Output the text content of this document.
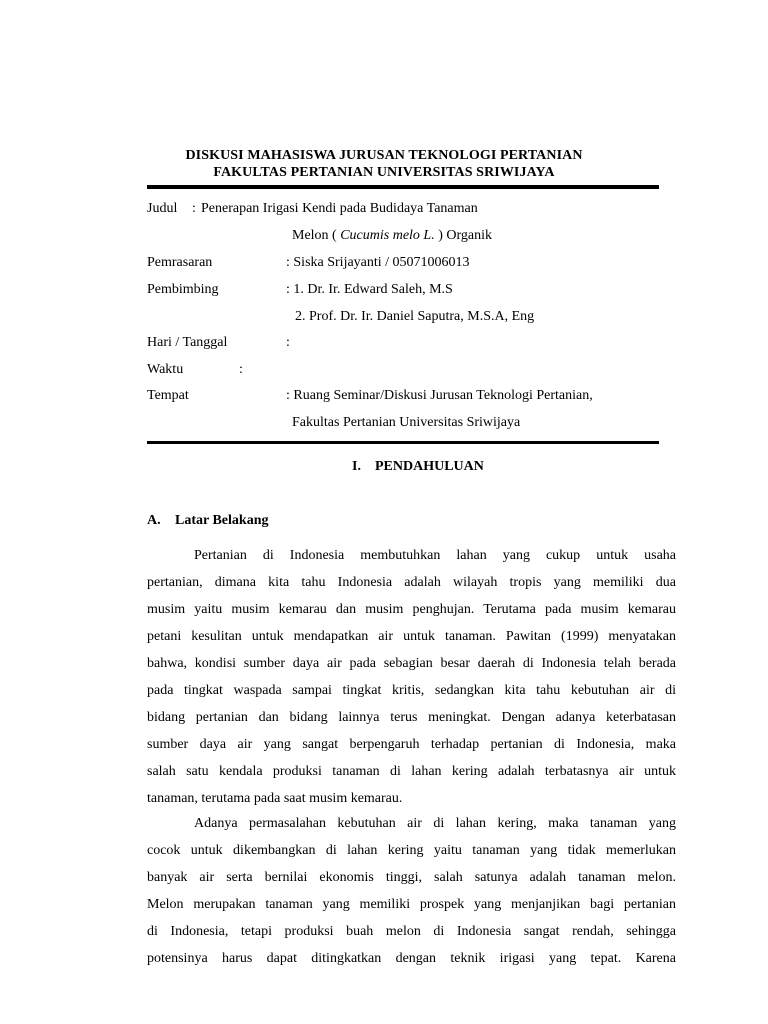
DISKUSI MAHASISWA JURUSAN TEKNOLOGI PERTANIAN
FAKULTAS PERTANIAN UNIVERSITAS SRIWIJAYA
Judul : Penerapan Irigasi Kendi pada Budidaya Tanaman
Melon ( Cucumis melo L. ) Organik
Pemrasaran	: Siska Srijayanti / 05071006013
Pembimbing	: 1. Dr. Ir. Edward Saleh, M.S
2. Prof. Dr. Ir. Daniel Saputra, M.S.A, Eng
Hari / Tanggal	:
Waktu	:
Tempat	: Ruang Seminar/Diskusi Jurusan Teknologi Pertanian,
Fakultas Pertanian Universitas Sriwijaya
I. PENDAHULUAN
A. Latar Belakang
Pertanian di Indonesia membutuhkan lahan yang cukup untuk usaha
pertanian, dimana kita tahu Indonesia adalah wilayah tropis yang memiliki dua
musim yaitu musim kemarau dan musim penghujan. Terutama pada musim kemarau
petani kesulitan untuk mendapatkan air untuk tanaman. Pawitan (1999) menyatakan
bahwa, kondisi sumber daya air pada sebagian besar daerah di Indonesia telah berada
pada tingkat waspada sampai tingkat kritis, sedangkan kita tahu kebutuhan air di
bidang pertanian dan bidang lainnya terus meningkat. Dengan adanya keterbatasan
sumber daya air yang sangat berpengaruh terhadap pertanian di Indonesia, maka
salah satu kendala produksi tanaman di lahan kering adalah terbatasnya air untuk
tanaman, terutama pada saat musim kemarau.
Adanya permasalahan kebutuhan air di lahan kering, maka tanaman yang
cocok untuk dikembangkan di lahan kering yaitu tanaman yang tidak memerlukan
banyak air serta bernilai ekonomis tinggi, salah satunya adalah tanaman melon.
Melon merupakan tanaman yang memiliki prospek yang menjanjikan bagi pertanian
di Indonesia, tetapi produksi buah melon di Indonesia sangat rendah, sehingga
potensinya harus dapat ditingkatkan dengan teknik irigasi yang tepat. Karena
